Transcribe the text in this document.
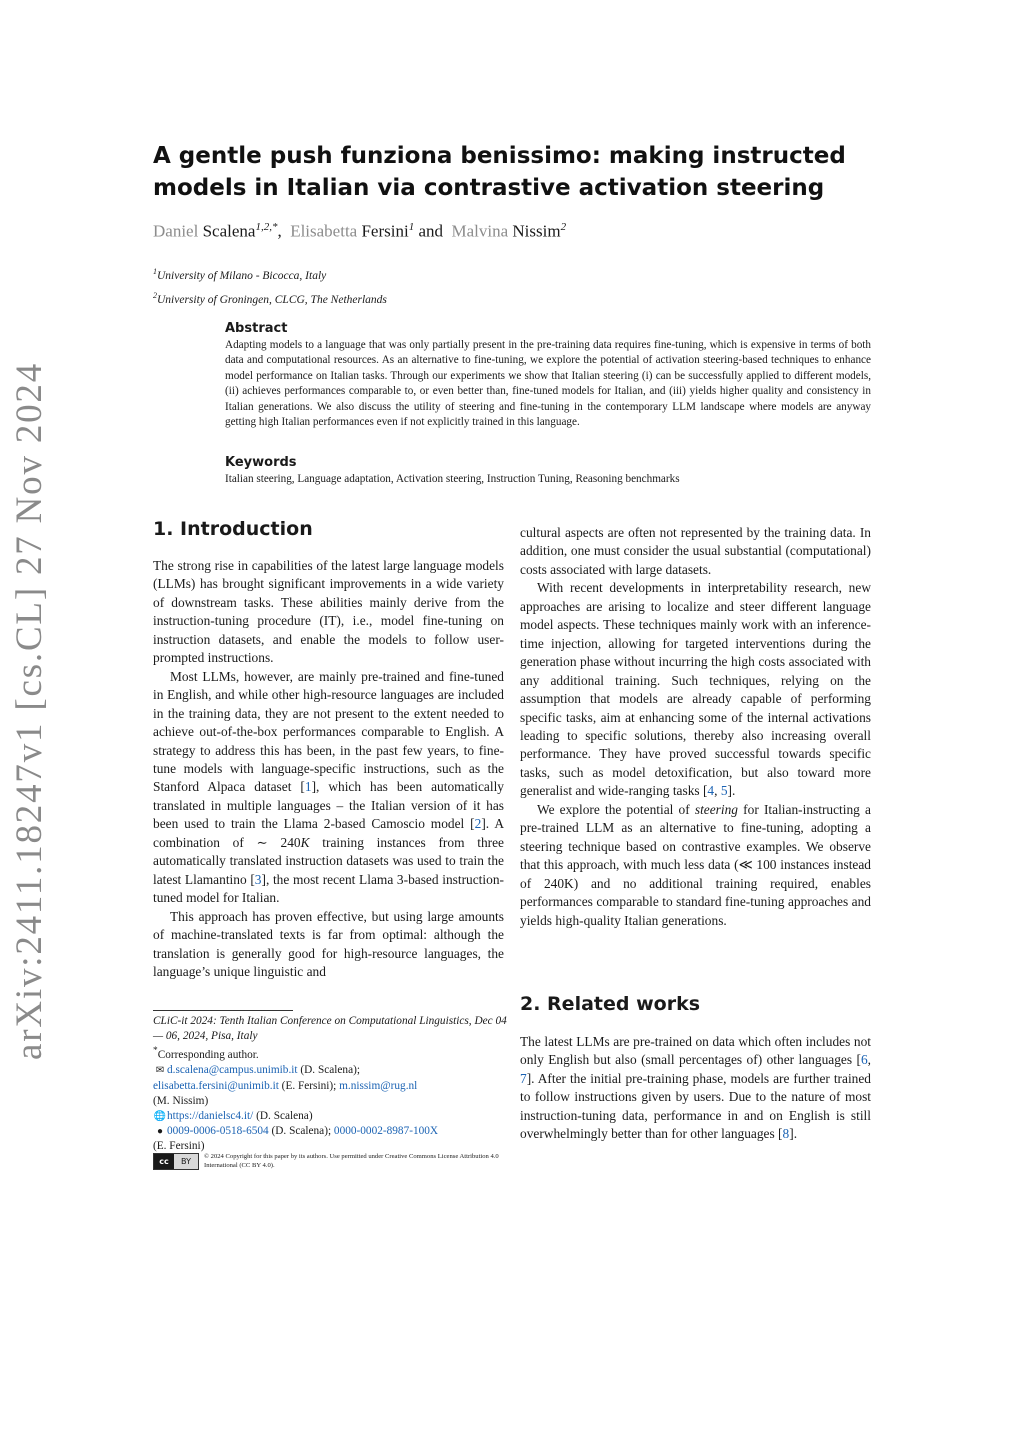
arXiv:2411.18247v1 [cs.CL] 27 Nov 2024
A gentle push funziona benissimo: making instructed models in Italian via contrastive activation steering
Daniel Scalena$^{1,2,*}$, Elisabetta Fersini$^1$ and Malvina Nissim$^2$
$^1$University of Milano - Bicocca, Italy
$^2$University of Groningen, CLCG, The Netherlands
Abstract

Adapting models to a language that was only partially present in the pre-training data requires fine-tuning, which is expensive in terms of both data and computational resources. As an alternative to fine-tuning, we explore the potential of activation steering-based techniques to enhance model performance on Italian tasks. Through our experiments we show that Italian steering (i) can be successfully applied to different models, (ii) achieves performances comparable to, or even better than, fine-tuned models for Italian, and (iii) yields higher quality and consistency in Italian generations. We also discuss the utility of steering and fine-tuning in the contemporary LLM landscape where models are anyway getting high Italian performances even if not explicitly trained in this language.

Keywords

Italian steering, Language adaptation, Activation steering, Instruction Tuning, Reasoning benchmarks

1. Introduction

The strong rise in capabilities of the latest large language models (LLMs) has brought significant improvements in a wide variety of downstream tasks. These abilities mainly derive from the instruction-tuning procedure (IT), i.e., model fine-tuning on instruction datasets, and enable the models to follow user-prompted instructions.

Most LLMs, however, are mainly pre-trained and fine-tuned in English, and while other high-resource languages are included in the training data, they are not present to the extent needed to achieve out-of-the-box performances comparable to English. A strategy to address this has been, in the past few years, to fine-tune models with language-specific instructions, such as the Stanford Alpaca dataset [1], which has been automatically translated in multiple languages – the Italian version of it has been used to train the Llama 2-based Camoscio model [2]. A combination of ∼ 240K training instances from three automatically translated instruction datasets was used to train the latest Llamantino [3], the most recent Llama 3-based instruction-tuned model for Italian.

This approach has proven effective, but using large amounts of machine-translated texts is far from optimal: although the translation is generally good for high-resource languages, the language’s unique linguistic and

cultural aspects are often not represented by the training data. In addition, one must consider the usual substantial (computational) costs associated with large datasets.

With recent developments in interpretability research, new approaches are arising to localize and steer different language model aspects. These techniques mainly work with an inference-time injection, allowing for targeted interventions during the generation phase without incurring the high costs associated with any additional training. Such techniques, relying on the assumption that models are already capable of performing specific tasks, aim at enhancing some of the internal activations leading to specific solutions, thereby also increasing overall performance. They have proved successful towards specific tasks, such as model detoxification, but also toward more generalist and wide-ranging tasks [4, 5].

We explore the potential of steering for Italian-instructing a pre-trained LLM as an alternative to fine-tuning, adopting a steering technique based on contrastive examples. We observe that this approach, with much less data (≪ 100 instances instead of 240K) and no additional training required, enables performances comparable to standard fine-tuning approaches and yields high-quality Italian generations.

2. Related works

The latest LLMs are pre-trained on data which often includes not only English but also (small percentages of) other languages [6, 7]. After the initial pre-training phase, models are further trained to follow instructions given by users. Due to the nature of most instruction-tuning data, performance in and on English is still overwhelmingly better than for other languages [8].

CLiC-it 2024: Tenth Italian Conference on Computational Linguistics, Dec 04 — 06, 2024, Pisa, Italy

*Corresponding author.

✉ d.scalena@campus.unimib.it (D. Scalena);

elisabetta.fersini@unimib.it (E. Fersini); m.nissim@rug.nl

(M. Nissim)

🌐https://danielsc4.it/ (D. Scalena)

● 0009-0006-0518-6504 (D. Scalena); 0000-0002-8987-100X

(E. Fersini)

cc	BY
© 2024 Copyright for this paper by its authors. Use permitted under Creative Commons License Attribution 4.0 International (CC BY 4.0).
